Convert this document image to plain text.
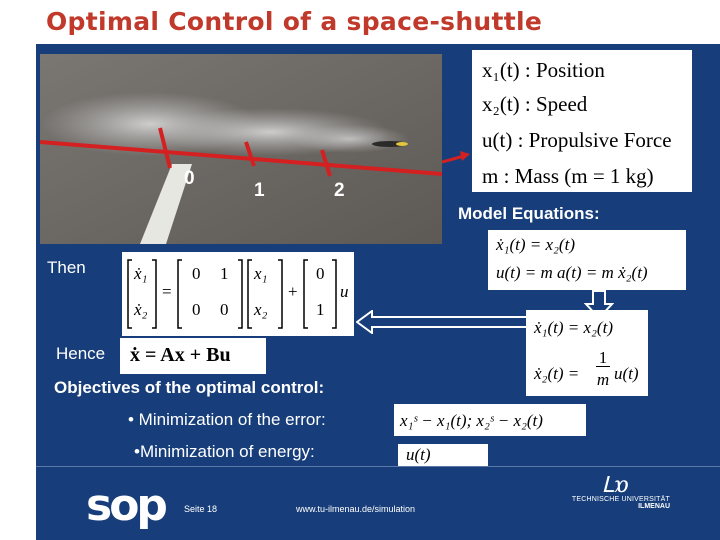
Optimal Control of a space-shuttle
0
1	2
x₁(t) : Position
x₂(t) : Speed
u(t) : Propulsive Force
m : Mass (m = 1 kg)
Model Equations:
ẋ₁(t) = x₂(t)
u(t) = m a(t) = m ẋ₂(t)
ẋ₁(t) = x₂(t)
ẋ₂(t) =
1
m u(t)
Then	ẋ₁
ẋ₂
=
0 1
0 0
x₁
x₂
+
0
1
u
Hence ẋ = Ax + Bu
Objectives of the optimal control:
• Minimization of the error:
•Minimization of energy:
x₁ˢ − x₁(t); x₂ˢ − x₂(t)
u(t)
sop Seite 18	www.tu-ilmenau.de/simulation
ᒪɒ
TECHNISCHE UNIVERSITÄT
ILMENAU
